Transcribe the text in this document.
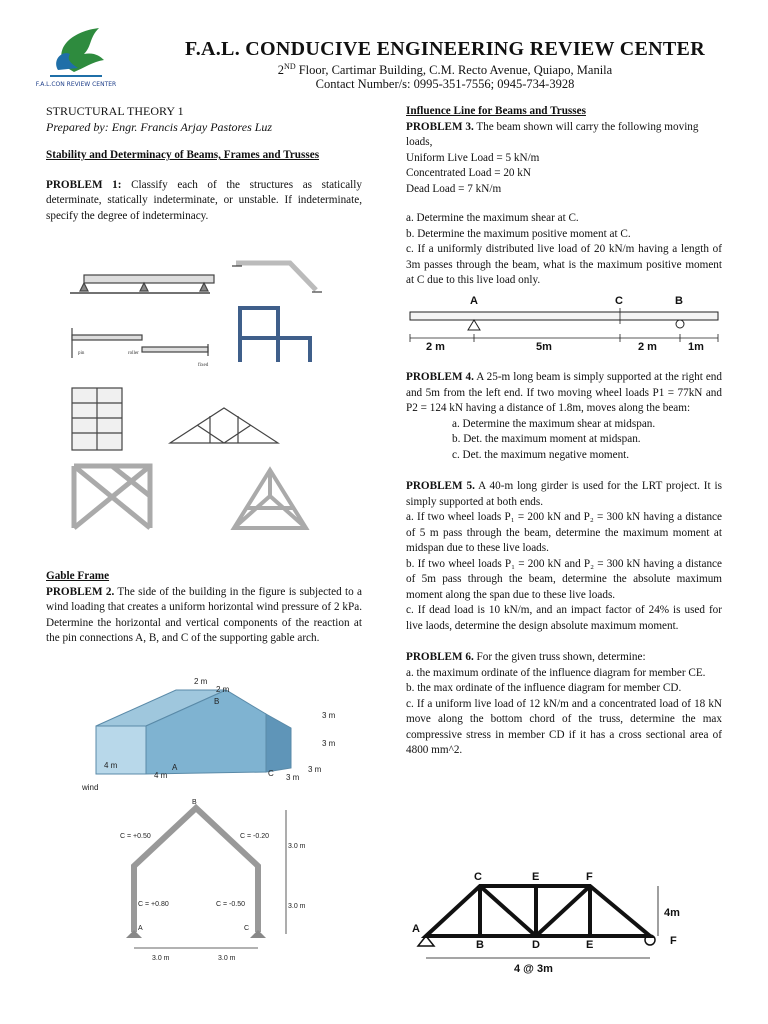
F.A.L.CON REVIEW CENTER
F.A.L. CONDUCIVE ENGINEERING REVIEW CENTER
2ND Floor, Cartimar Building, C.M. Recto Avenue, Quiapo, Manila
Contact Number/s: 0995-351-7556; 0945-734-3928

STRUCTURAL THEORY 1

Prepared by: Engr. Francis Arjay Pastores Luz

Stability and Determinacy of Beams, Frames and Trusses

PROBLEM 1: Classify each of the structures as statically determinate, statically indeterminate, or unstable. If indeterminate, specify the degree of indeterminacy.

pin	roller
fixed

Gable Frame

PROBLEM 2. The side of the building in the figure is subjected to a wind loading that creates a uniform horizontal wind pressure of 2 kPa. Determine the horizontal and vertical components of the reaction at the pin connections A, B, and C of the supporting gable arch.

2 m
2 m
B
3 m
3 m
4 m
4 m
A
C	3 m
3 m
wind
B
C = +0.50	C = -0.20
C = +0.80	C = -0.50
A	C
3.0 m
3.0 m
3.0 m	3.0 m

Influence Line for Beams and Trusses

PROBLEM 3. The beam shown will carry the following moving loads,

Uniform Live Load = 5 kN/m

Concentrated Load = 20 kN

Dead Load = 7 kN/m

a. Determine the maximum shear at C.

b. Determine the maximum positive moment at C.

c. If a uniformly distributed live load of 20 kN/m having a length of 3m passes through the beam, what is the maximum positive moment at C due to this live load only.

A	C	B
2 m	5m	2 m	1m

PROBLEM 4. A 25-m long beam is simply supported at the right end and 5m from the left end. If two moving wheel loads P1 = 77kN and P2 = 124 kN having a distance of 1.8m, moves along the beam:

a. Determine the maximum shear at midspan.

b. Det. the maximum moment at midspan.

c. Det. the maximum negative moment.

PROBLEM 5. A 40-m long girder is used for the LRT project. It is simply supported at both ends.

a. If two wheel loads P₁ = 200 kN and P₂ = 300 kN having a distance of 5 m pass through the beam, determine the maximum moment at midspan due to these live loads.

b. If two wheel loads P₁ = 200 kN and P₂ = 300 kN having a distance of 5m pass through the beam, determine the absolute maximum moment along the span due to these live loads.

c. If dead load is 10 kN/m, and an impact factor of 24% is used for live laods, determine the design absolute maximum moment.

PROBLEM 6. For the given truss shown, determine:

a. the maximum ordinate of the influence diagram for member CE.

b. the max ordinate of the influence diagram for member CD.

c. If a uniform live load of 12 kN/m and a concentrated load of 18 kN move along the bottom chord of the truss, determine the max compressive stress in member CD if it has a cross sectional area of 4800 mm^2.

C	E	F
A
B	D	E	F
4m
4 @ 3m
